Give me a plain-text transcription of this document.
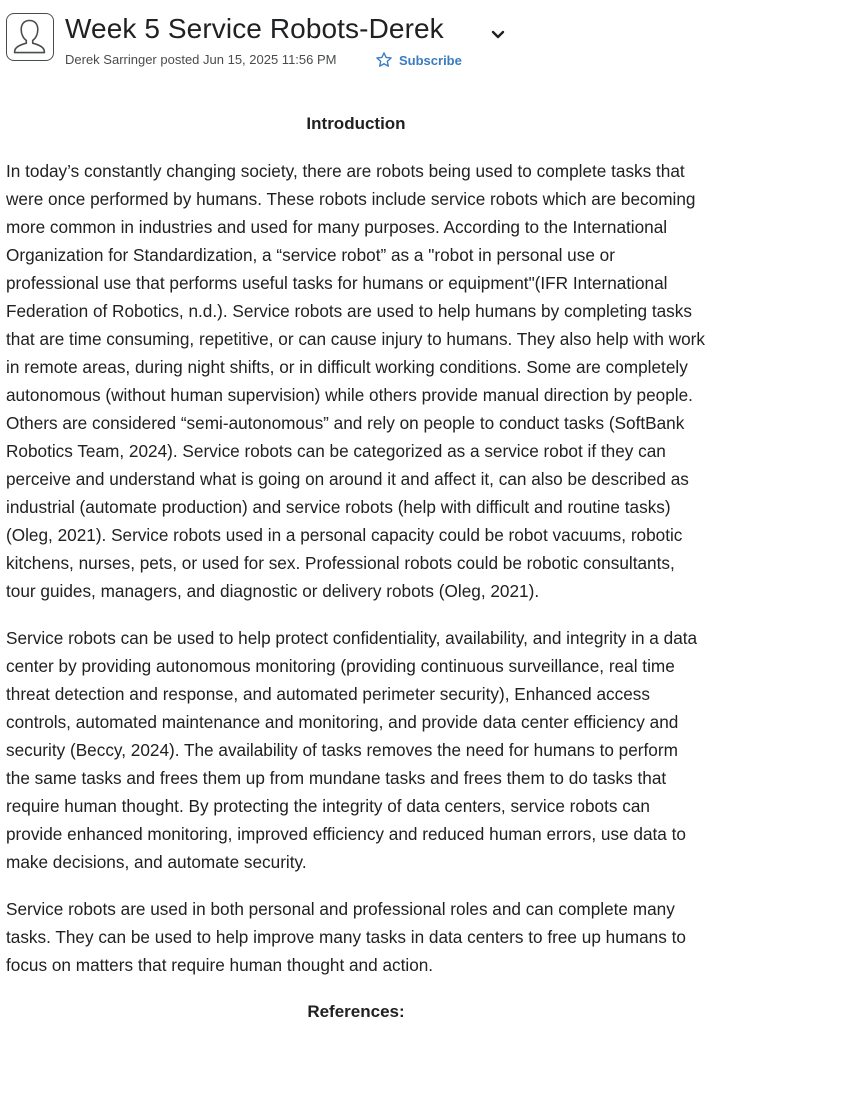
Week 5 Service Robots-Derek
Derek Sarringer posted Jun 15, 2025 11:56 PM	Subscribe
Introduction

In today’s constantly changing society, there are robots being used to complete tasks that were once performed by humans. These robots include service robots which are becoming more common in industries and used for many purposes. According to the International Organization for Standardization, a “service robot” as a "robot in personal use or professional use that performs useful tasks for humans or equipment"(IFR International Federation of Robotics, n.d.). Service robots are used to help humans by completing tasks that are time consuming, repetitive, or can cause injury to humans. They also help with work in remote areas, during night shifts, or in difficult working conditions. Some are completely autonomous (without human supervision) while others provide manual direction by people. Others are considered “semi-autonomous” and rely on people to conduct tasks (SoftBank Robotics Team, 2024). Service robots can be categorized as a service robot if they can perceive and understand what is going on around it and affect it, can also be described as industrial (automate production) and service robots (help with difficult and routine tasks) (Oleg, 2021). Service robots used in a personal capacity could be robot vacuums, robotic kitchens, nurses, pets, or used for sex. Professional robots could be robotic consultants, tour guides, managers, and diagnostic or delivery robots (Oleg, 2021).

Service robots can be used to help protect confidentiality, availability, and integrity in a data center by providing autonomous monitoring (providing continuous surveillance, real time threat detection and response, and automated perimeter security), Enhanced access controls, automated maintenance and monitoring, and provide data center efficiency and security (Beccy, 2024). The availability of tasks removes the need for humans to perform the same tasks and frees them up from mundane tasks and frees them to do tasks that require human thought. By protecting the integrity of data centers, service robots can provide enhanced monitoring, improved efficiency and reduced human errors, use data to make decisions, and automate security.

Service robots are used in both personal and professional roles and can complete many tasks. They can be used to help improve many tasks in data centers to free up humans to focus on matters that require human thought and action.

References:
